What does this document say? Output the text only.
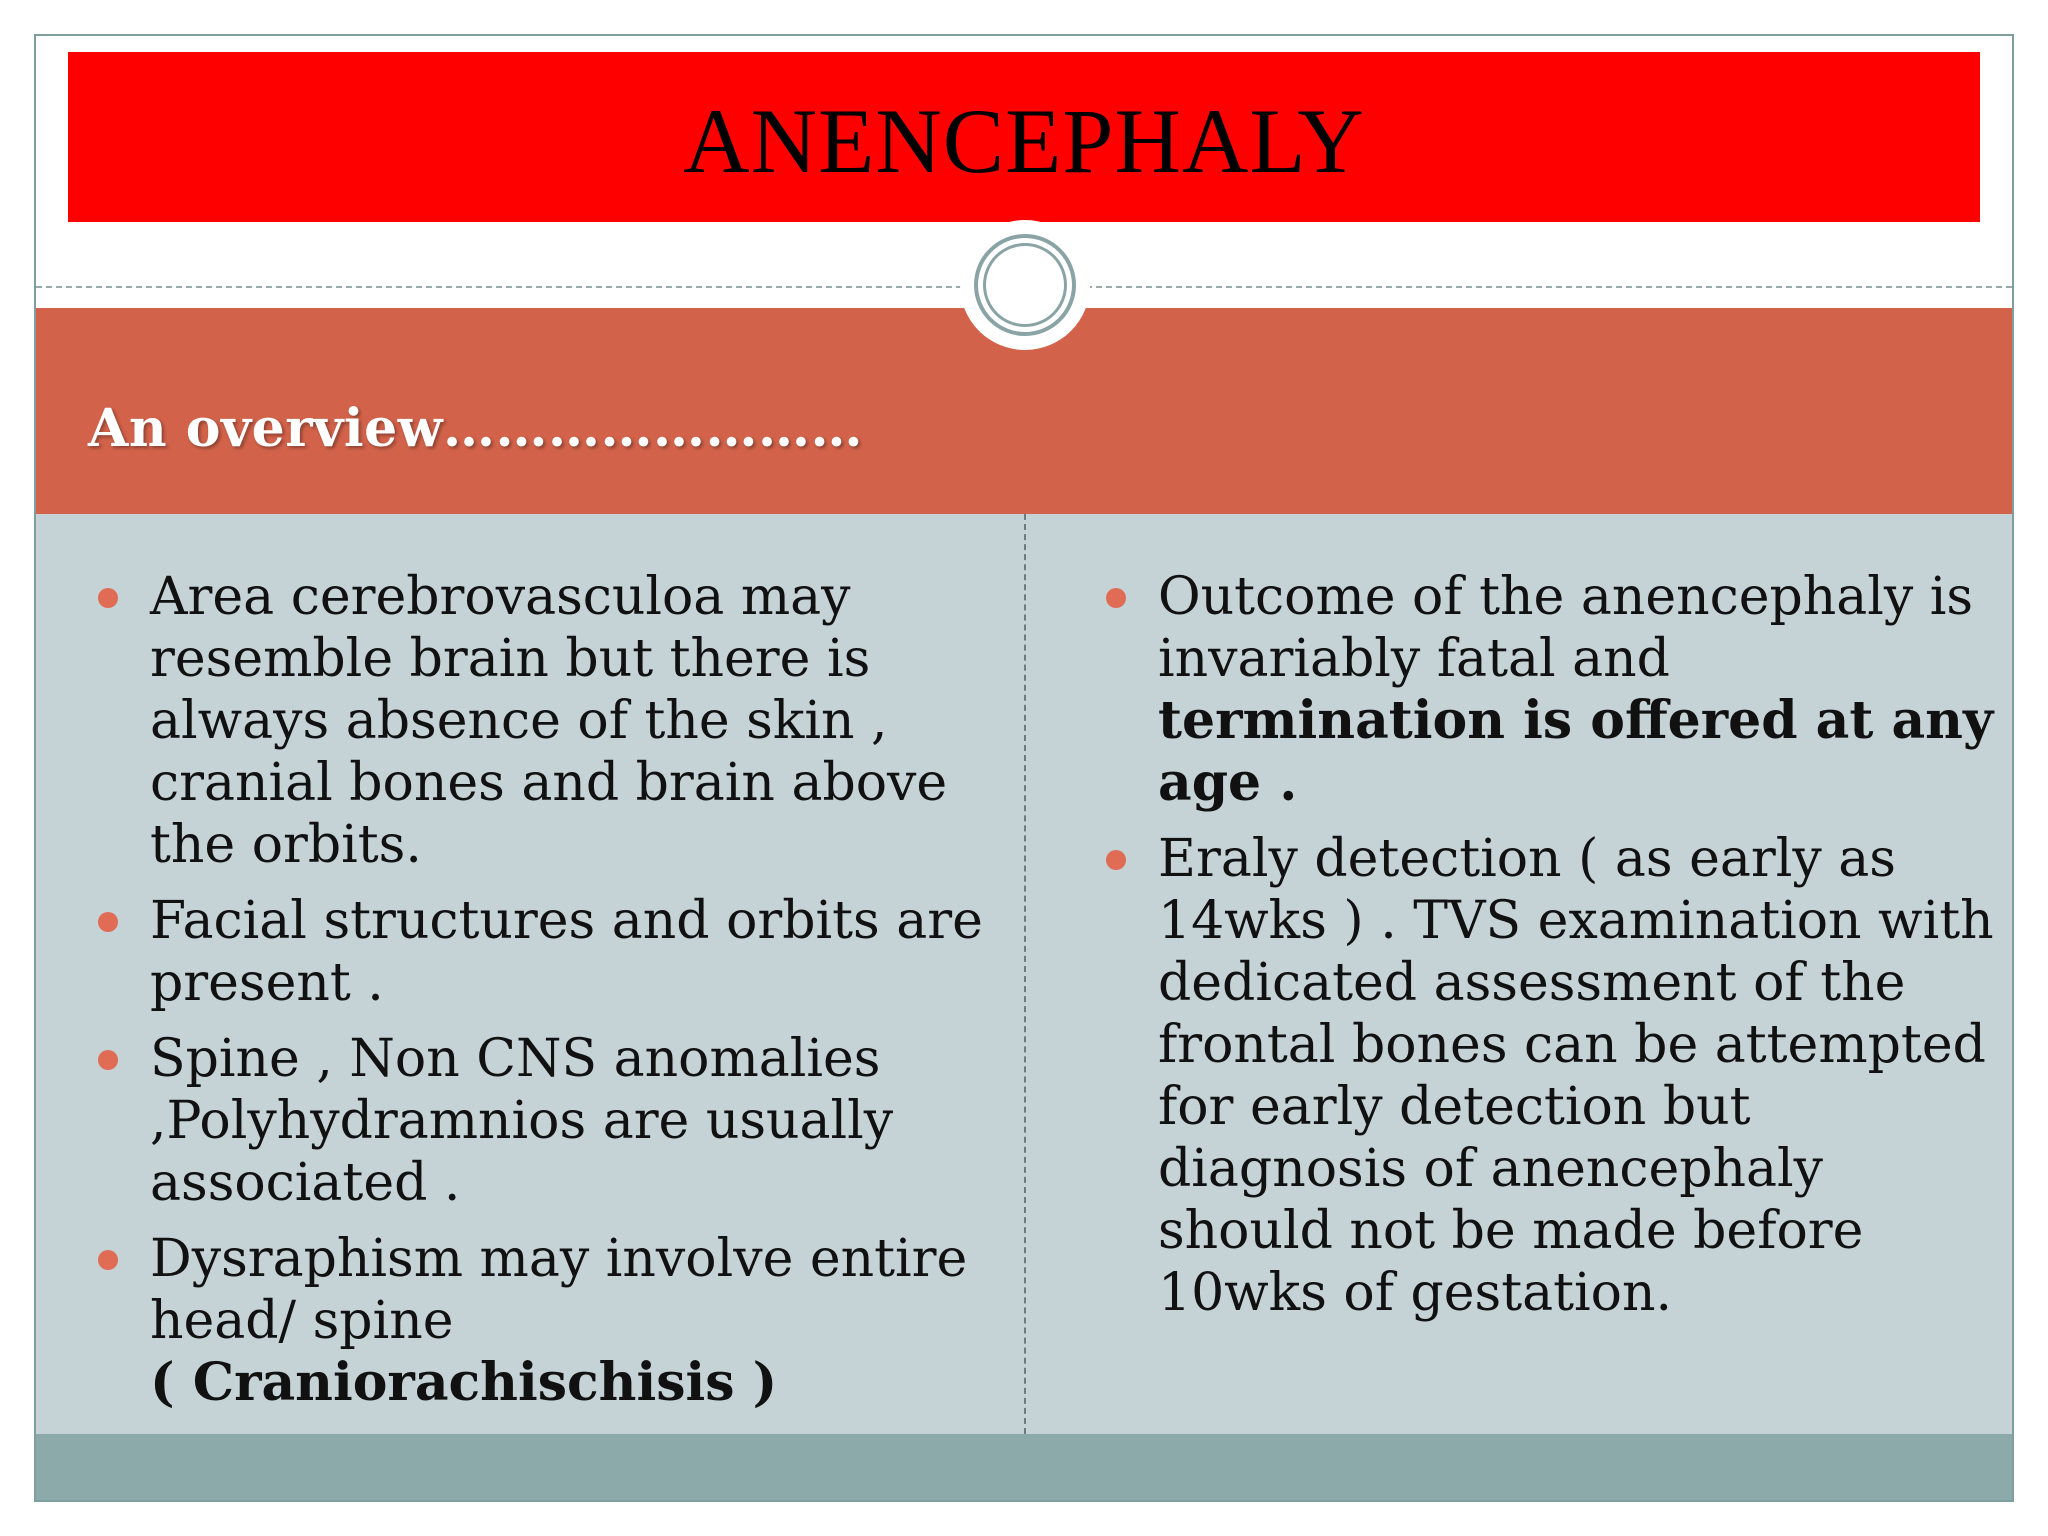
ANENCEPHALY
An overview……………………
Area cerebrovasculoa may resemble brain but there is always absence of the skin , cranial bones and brain above the orbits.
Facial structures and orbits are present .
Spine , Non CNS anomalies ,Polyhydramnios are usually associated .
Dysraphism may involve entire head/ spine
( Craniorachischisis )
Outcome of the anencephaly is invariably fatal and termination is offered at any age .
Eraly detection ( as early as 14wks ) . TVS examination with dedicated assessment of the frontal bones can be attempted for early detection but diagnosis of anencephaly should not be made before 10wks of gestation.
